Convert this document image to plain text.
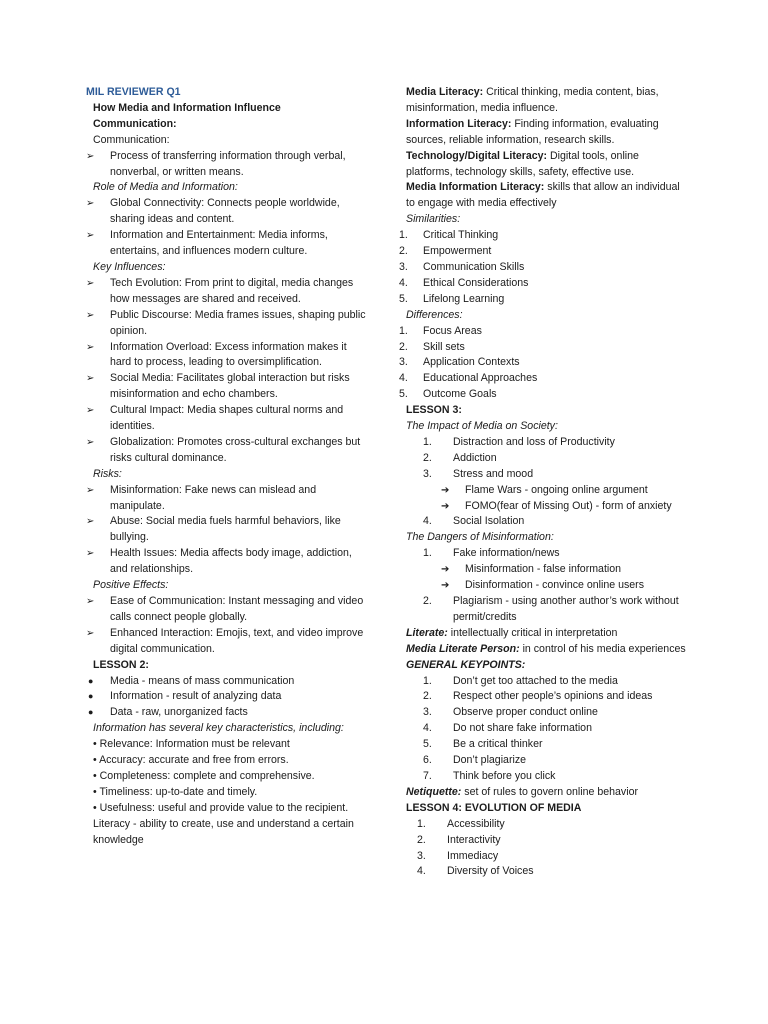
MIL REVIEWER Q1
How Media and Information Influence
Communication:
Communication:
➢ Process of transferring information through verbal, nonverbal, or written means.
Role of Media and Information:
➢ Global Connectivity: Connects people worldwide, sharing ideas and content.
➢ Information and Entertainment: Media informs, entertains, and influences modern culture.
Key Influences:
➢ Tech Evolution: From print to digital, media changes how messages are shared and received.
➢ Public Discourse: Media frames issues, shaping public opinion.
➢ Information Overload: Excess information makes it hard to process, leading to oversimplification.
➢ Social Media: Facilitates global interaction but risks misinformation and echo chambers.
➢ Cultural Impact: Media shapes cultural norms and identities.
➢ Globalization: Promotes cross-cultural exchanges but risks cultural dominance.
Risks:
➢ Misinformation: Fake news can mislead and manipulate.
➢ Abuse: Social media fuels harmful behaviors, like bullying.
➢ Health Issues: Media affects body image, addiction, and relationships.
Positive Effects:
➢ Ease of Communication: Instant messaging and video calls connect people globally.
➢ Enhanced Interaction: Emojis, text, and video improve digital communication.
LESSON 2:
● Media - means of mass communication
● Information - result of analyzing data
● Data - raw, unorganized facts
Information has several key characteristics, including:
• Relevance: Information must be relevant
• Accuracy: accurate and free from errors.
• Completeness: complete and comprehensive.
• Timeliness: up-to-date and timely.
• Usefulness: useful and provide value to the recipient.
Literacy - ability to create, use and understand a certain knowledge
Media Literacy: Critical thinking, media content, bias, misinformation, media influence.
Information Literacy: Finding information, evaluating sources, reliable information, research skills.
Technology/Digital Literacy: Digital tools, online platforms, technology skills, safety, effective use.
Media Information Literacy: skills that allow an individual to engage with media effectively
Similarities:
1.	Critical Thinking
2.	Empowerment
3.	Communication Skills
4.	Ethical Considerations
5.	Lifelong Learning
Differences:
1.	Focus Areas
2.	Skill sets
3.	Application Contexts
4.	Educational Approaches
5.	Outcome Goals
LESSON 3:
The Impact of Media on Society:
1.	Distraction and loss of Productivity
2.	Addiction
3.	Stress and mood
➔ Flame Wars - ongoing online argument
➔ FOMO(fear of Missing Out) - form of anxiety
4.	Social Isolation
The Dangers of Misinformation:
1.	Fake information/news
➔ Misinformation - false information
➔ Disinformation - convince online users
2.	Plagiarism - using another author’s work without permit/credits
Literate: intellectually critical in interpretation
Media Literate Person: in control of his media experiences
GENERAL KEYPOINTS:
1.	Don’t get too attached to the media
2.	Respect other people’s opinions and ideas
3.	Observe proper conduct online
4.	Do not share fake information
5.	Be a critical thinker
6.	Don’t plagiarize
7.	Think before you click
Netiquette: set of rules to govern online behavior
LESSON 4: EVOLUTION OF MEDIA
1.	Accessibility
2.	Interactivity
3.	Immediacy
4.	Diversity of Voices
